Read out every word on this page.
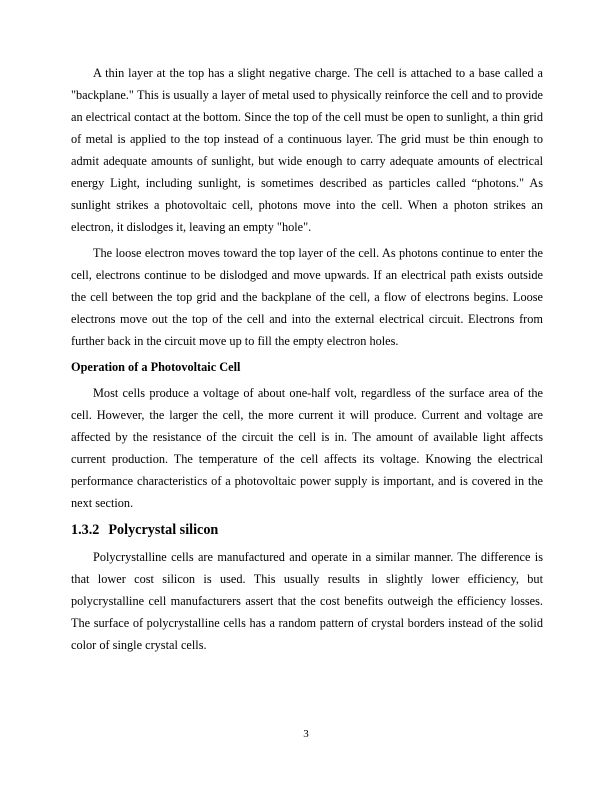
A thin layer at the top has a slight negative charge. The cell is attached to a base called a "backplane." This is usually a layer of metal used to physically reinforce the cell and to provide an electrical contact at the bottom. Since the top of the cell must be open to sunlight, a thin grid of metal is applied to the top instead of a continuous layer. The grid must be thin enough to admit adequate amounts of sunlight, but wide enough to carry adequate amounts of electrical energy Light, including sunlight, is sometimes described as particles called “photons." As sunlight strikes a photovoltaic cell, photons move into the cell. When a photon strikes an electron, it dislodges it, leaving an empty "hole".

The loose electron moves toward the top layer of the cell. As photons continue to enter the cell, electrons continue to be dislodged and move upwards. If an electrical path exists outside the cell between the top grid and the backplane of the cell, a flow of electrons begins. Loose electrons move out the top of the cell and into the external electrical circuit. Electrons from further back in the circuit move up to fill the empty electron holes.

Operation of a Photovoltaic Cell

Most cells produce a voltage of about one-half volt, regardless of the surface area of the cell. However, the larger the cell, the more current it will produce. Current and voltage are affected by the resistance of the circuit the cell is in. The amount of available light affects current production. The temperature of the cell affects its voltage. Knowing the electrical performance characteristics of a photovoltaic power supply is important, and is covered in the next section.

1.3.2 Polycrystal silicon

Polycrystalline cells are manufactured and operate in a similar manner. The difference is that lower cost silicon is used. This usually results in slightly lower efficiency, but polycrystalline cell manufacturers assert that the cost benefits outweigh the efficiency losses. The surface of polycrystalline cells has a random pattern of crystal borders instead of the solid color of single crystal cells.

3
